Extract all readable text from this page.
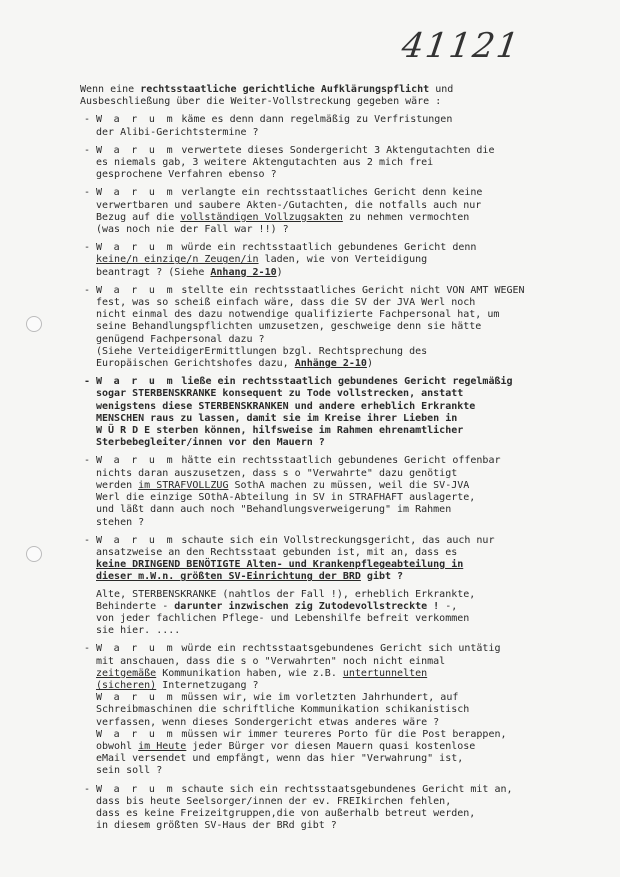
41121
Wenn eine rechtsstaatliche gerichtliche Aufklärungspflicht und
Ausbeschließung über die Weiter-Vollstreckung gegeben wäre :
- W a r u m käme es denn dann regelmäßig zu Verfristungen
der Alibi-Gerichtstermine ?
- W a r u m verwertete dieses Sondergericht 3 Aktengutachten die
es niemals gab, 3 weitere Aktengutachten aus 2 mich frei
gesprochene Verfahren ebenso ?
- W a r u m verlangte ein rechtsstaatliches Gericht denn keine
verwertbaren und saubere Akten-/Gutachten, die notfalls auch nur
Bezug auf die vollständigen Vollzugsakten zu nehmen vermochten
(was noch nie der Fall war !!) ?
- W a r u m würde ein rechtsstaatlich gebundenes Gericht denn
keine/n einzige/n Zeugen/in laden, wie von Verteidigung
beantragt ? (Siehe Anhang 2-10)
- W a r u m stellte ein rechtsstaatliches Gericht nicht VON AMT WEGEN
fest, was so scheiß einfach wäre, dass die SV der JVA Werl noch
nicht einmal des dazu notwendige qualifizierte Fachpersonal hat, um
seine Behandlungspflichten umzusetzen, geschweige denn sie hätte
genügend Fachpersonal dazu ?
(Siehe VerteidigerErmittlungen bzgl. Rechtsprechung des
Europäischen Gerichtshofes dazu, Anhänge 2-10)
- W a r u m ließe ein rechtsstaatlich gebundenes Gericht regelmäßig
sogar STERBENSKRANKE konsequent zu Tode vollstrecken, anstatt
wenigstens diese STERBENSKRANKEN und andere erheblich Erkrankte
MENSCHEN raus zu lassen, damit sie im Kreise ihrer Lieben in
W Ü R D E sterben können, hilfsweise im Rahmen ehrenamtlicher
Sterbebegleiter/innen vor den Mauern ?
- W a r u m hätte ein rechtsstaatlich gebundenes Gericht offenbar
nichts daran auszusetzen, dass s o "Verwahrte" dazu genötigt
werden im STRAFVOLLZUG SothA machen zu müssen, weil die SV-JVA
Werl die einzige SOthA-Abteilung in SV in STRAFHAFT auslagerte,
und läßt dann auch noch "Behandlungsverweigerung" im Rahmen
stehen ?
- W a r u m schaute sich ein Vollstreckungsgericht, das auch nur
ansatzweise an den Rechtsstaat gebunden ist, mit an, dass es
keine DRINGEND BENÖTIGTE Alten- und Krankenpflegeabteilung in
dieser m.W.n. größten SV-Einrichtung der BRD gibt ?
Alte, STERBENSKRANKE (nahtlos der Fall !), erheblich Erkrankte,
Behinderte - darunter inzwischen zig Zutodevollstreckte ! -,
von jeder fachlichen Pflege- und Lebenshilfe befreit verkommen
sie hier. ....
- W a r u m würde ein rechtsstaatsgebundenes Gericht sich untätig
mit anschauen, dass die s o "Verwahrten" noch nicht einmal
zeitgemäße Kommunikation haben, wie z.B. untertunnelten
(sicheren) Internetzugang ?
W a r u m müssen wir, wie im vorletzten Jahrhundert, auf
Schreibmaschinen die schriftliche Kommunikation schikanistisch
verfassen, wenn dieses Sondergericht etwas anderes wäre ?
W a r u m müssen wir immer teureres Porto für die Post berappen,
obwohl im Heute jeder Bürger vor diesen Mauern quasi kostenlose
eMail versendet und empfängt, wenn das hier "Verwahrung" ist,
sein soll ?
- W a r u m schaute sich ein rechtsstaatsgebundenes Gericht mit an,
dass bis heute Seelsorger/innen der ev. FREIkirchen fehlen,
dass es keine Freizeitgruppen,die von außerhalb betreut werden,
in diesem größten SV-Haus der BRd gibt ?
